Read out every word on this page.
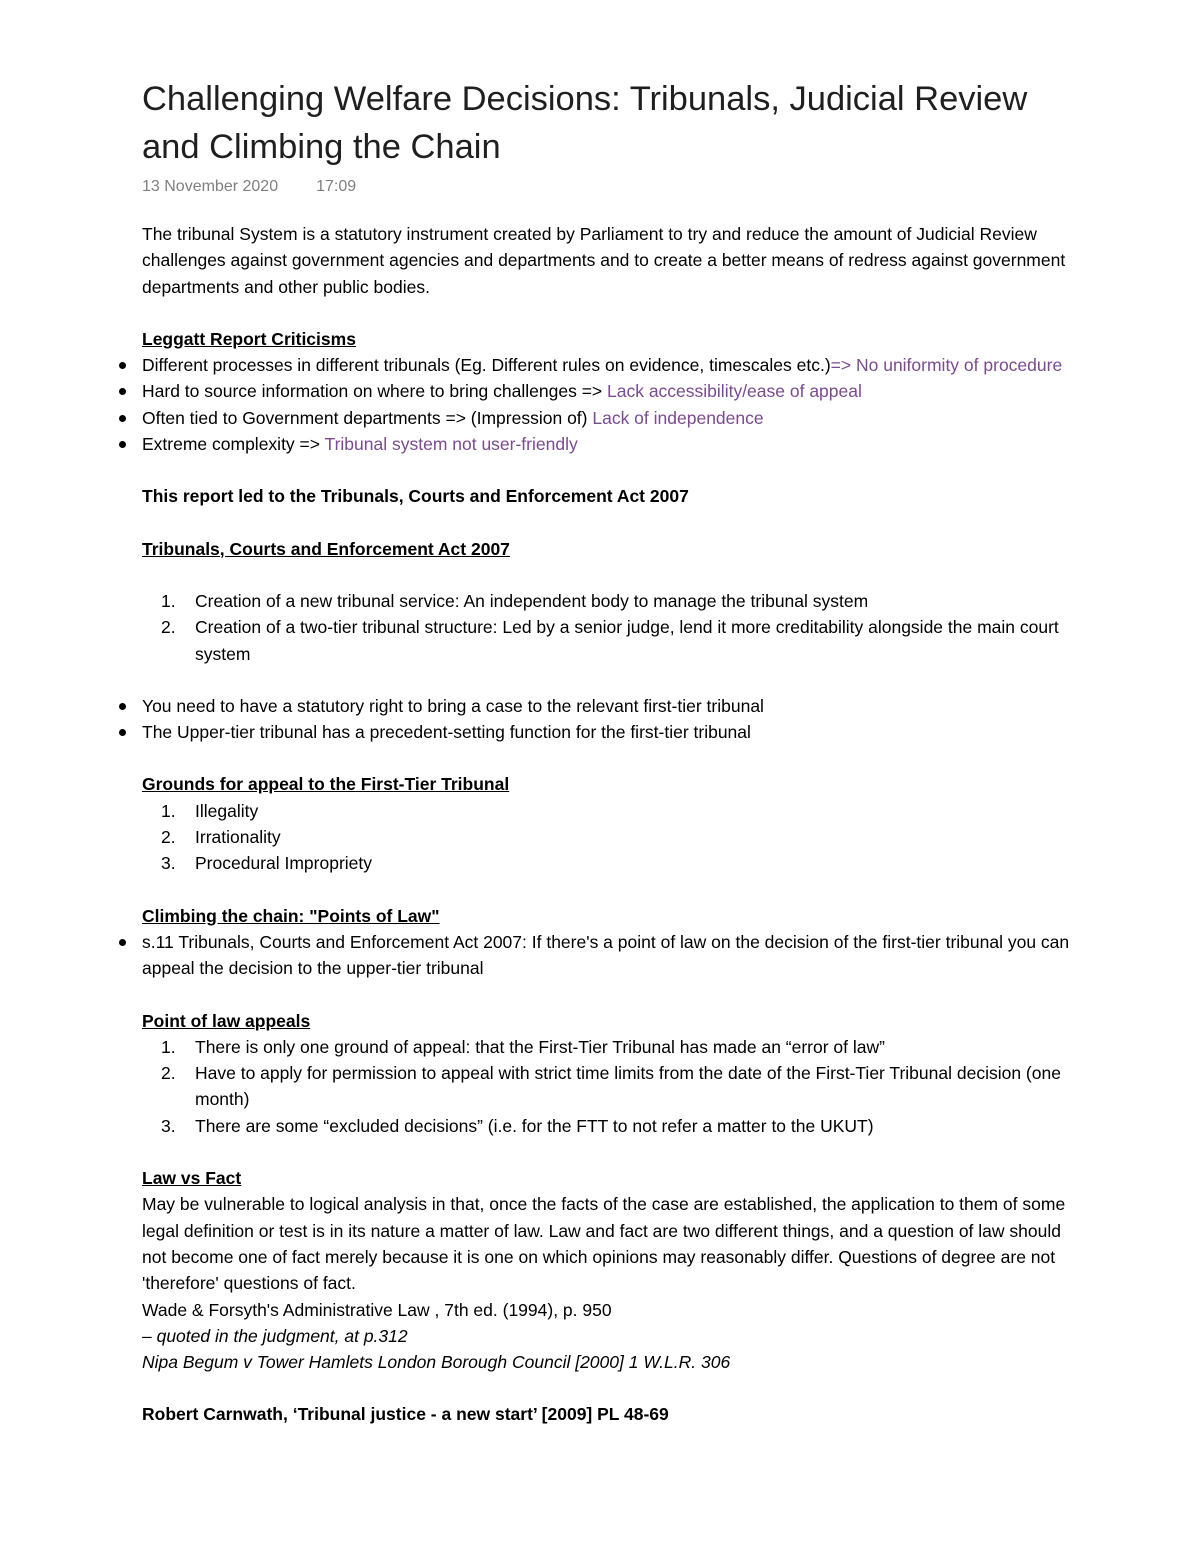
Challenging Welfare Decisions: Tribunals, Judicial Review and Climbing the Chain
13 November 2020 17:09

The tribunal System is a statutory instrument created by Parliament to try and reduce the amount of Judicial Review challenges against government agencies and departments and to create a better means of redress against government departments and other public bodies.

Leggatt Report Criticisms

Different processes in different tribunals (Eg. Different rules on evidence, timescales etc.)=> No uniformity of procedure
Hard to source information on where to bring challenges => Lack accessibility/ease of appeal
Often tied to Government departments => (Impression of) Lack of independence
Extreme complexity => Tribunal system not user-friendly

This report led to the Tribunals, Courts and Enforcement Act 2007

Tribunals, Courts and Enforcement Act 2007

1.	Creation of a new tribunal service: An independent body to manage the tribunal system
2.	Creation of a two-tier tribunal structure: Led by a senior judge, lend it more creditability alongside the main court system
You need to have a statutory right to bring a case to the relevant first-tier tribunal
The Upper-tier tribunal has a precedent-setting function for the first-tier tribunal

Grounds for appeal to the First-Tier Tribunal

1.	Illegality
2.	Irrationality
3.	Procedural Impropriety

Climbing the chain: "Points of Law"

s.11 Tribunals, Courts and Enforcement Act 2007: If there's a point of law on the decision of the first-tier tribunal you can appeal the decision to the upper-tier tribunal

Point of law appeals

1.	There is only one ground of appeal: that the First-Tier Tribunal has made an “error of law”
2.	Have to apply for permission to appeal with strict time limits from the date of the First-Tier Tribunal decision (one month)
3.	There are some “excluded decisions” (i.e. for the FTT to not refer a matter to the UKUT)

Law vs Fact

May be vulnerable to logical analysis in that, once the facts of the case are established, the application to them of some legal definition or test is in its nature a matter of law. Law and fact are two different things, and a question of law should not become one of fact merely because it is one on which opinions may reasonably differ. Questions of degree are not 'therefore' questions of fact.

Wade & Forsyth's Administrative Law , 7th ed. (1994), p. 950

– quoted in the judgment, at p.312

Nipa Begum v Tower Hamlets London Borough Council [2000] 1 W.L.R. 306

Robert Carnwath, ‘Tribunal justice - a new start’ [2009] PL 48-69
